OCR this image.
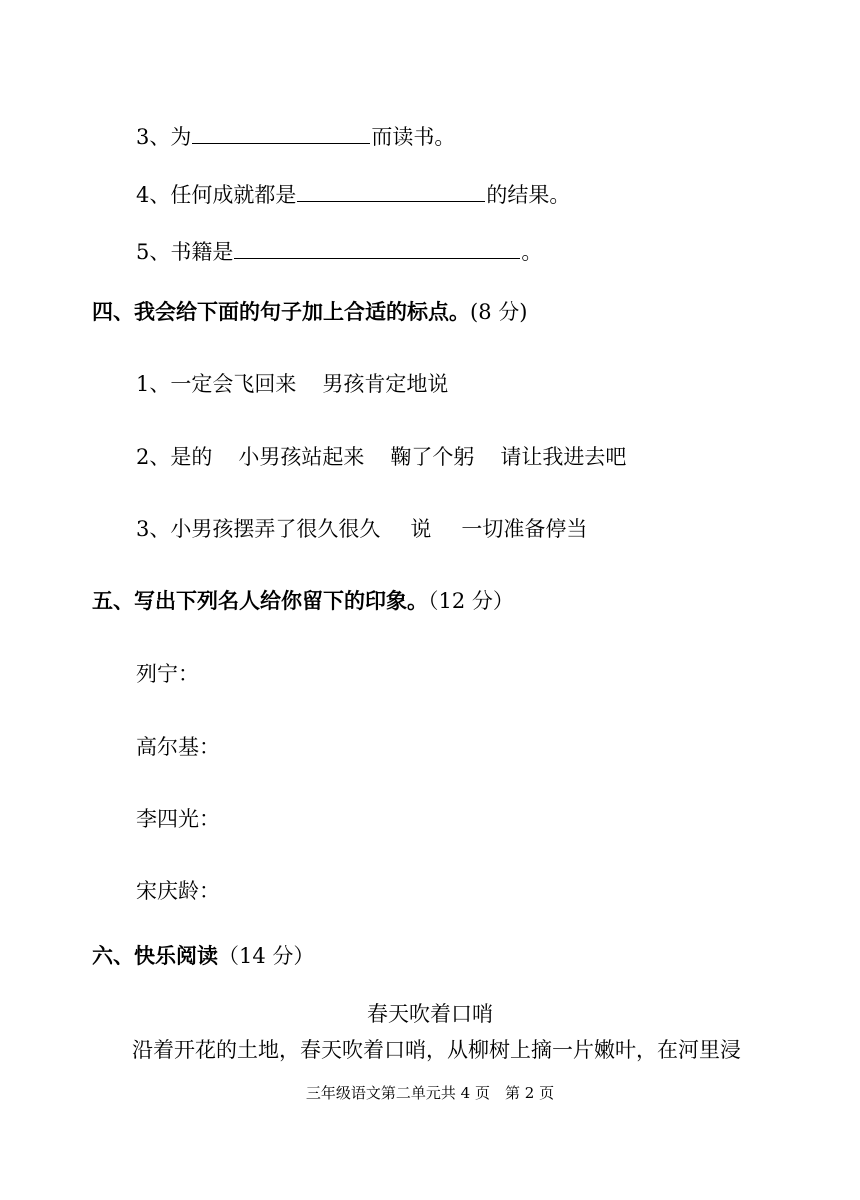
3、为	而读书。
4、任何成就都是	的结果。
5、书籍是	。
四、我会给下面的句子加上合适的标点。(8 分)
1、一定会飞回来 男孩肯定地说
2、是的 小男孩站起来 鞠了个躬 请让我进去吧
3、小男孩摆弄了很久很久 说 一切准备停当
五、写出下列名人给你留下的印象。（12 分）
列宁：
高尔基：
李四光：
宋庆龄：
六、快乐阅读（14 分）
春天吹着口哨
沿着开花的土地，春天吹着口哨，从柳树上摘一片嫩叶，在河里浸
三年级语文第二单元共 4 页　第 2 页
